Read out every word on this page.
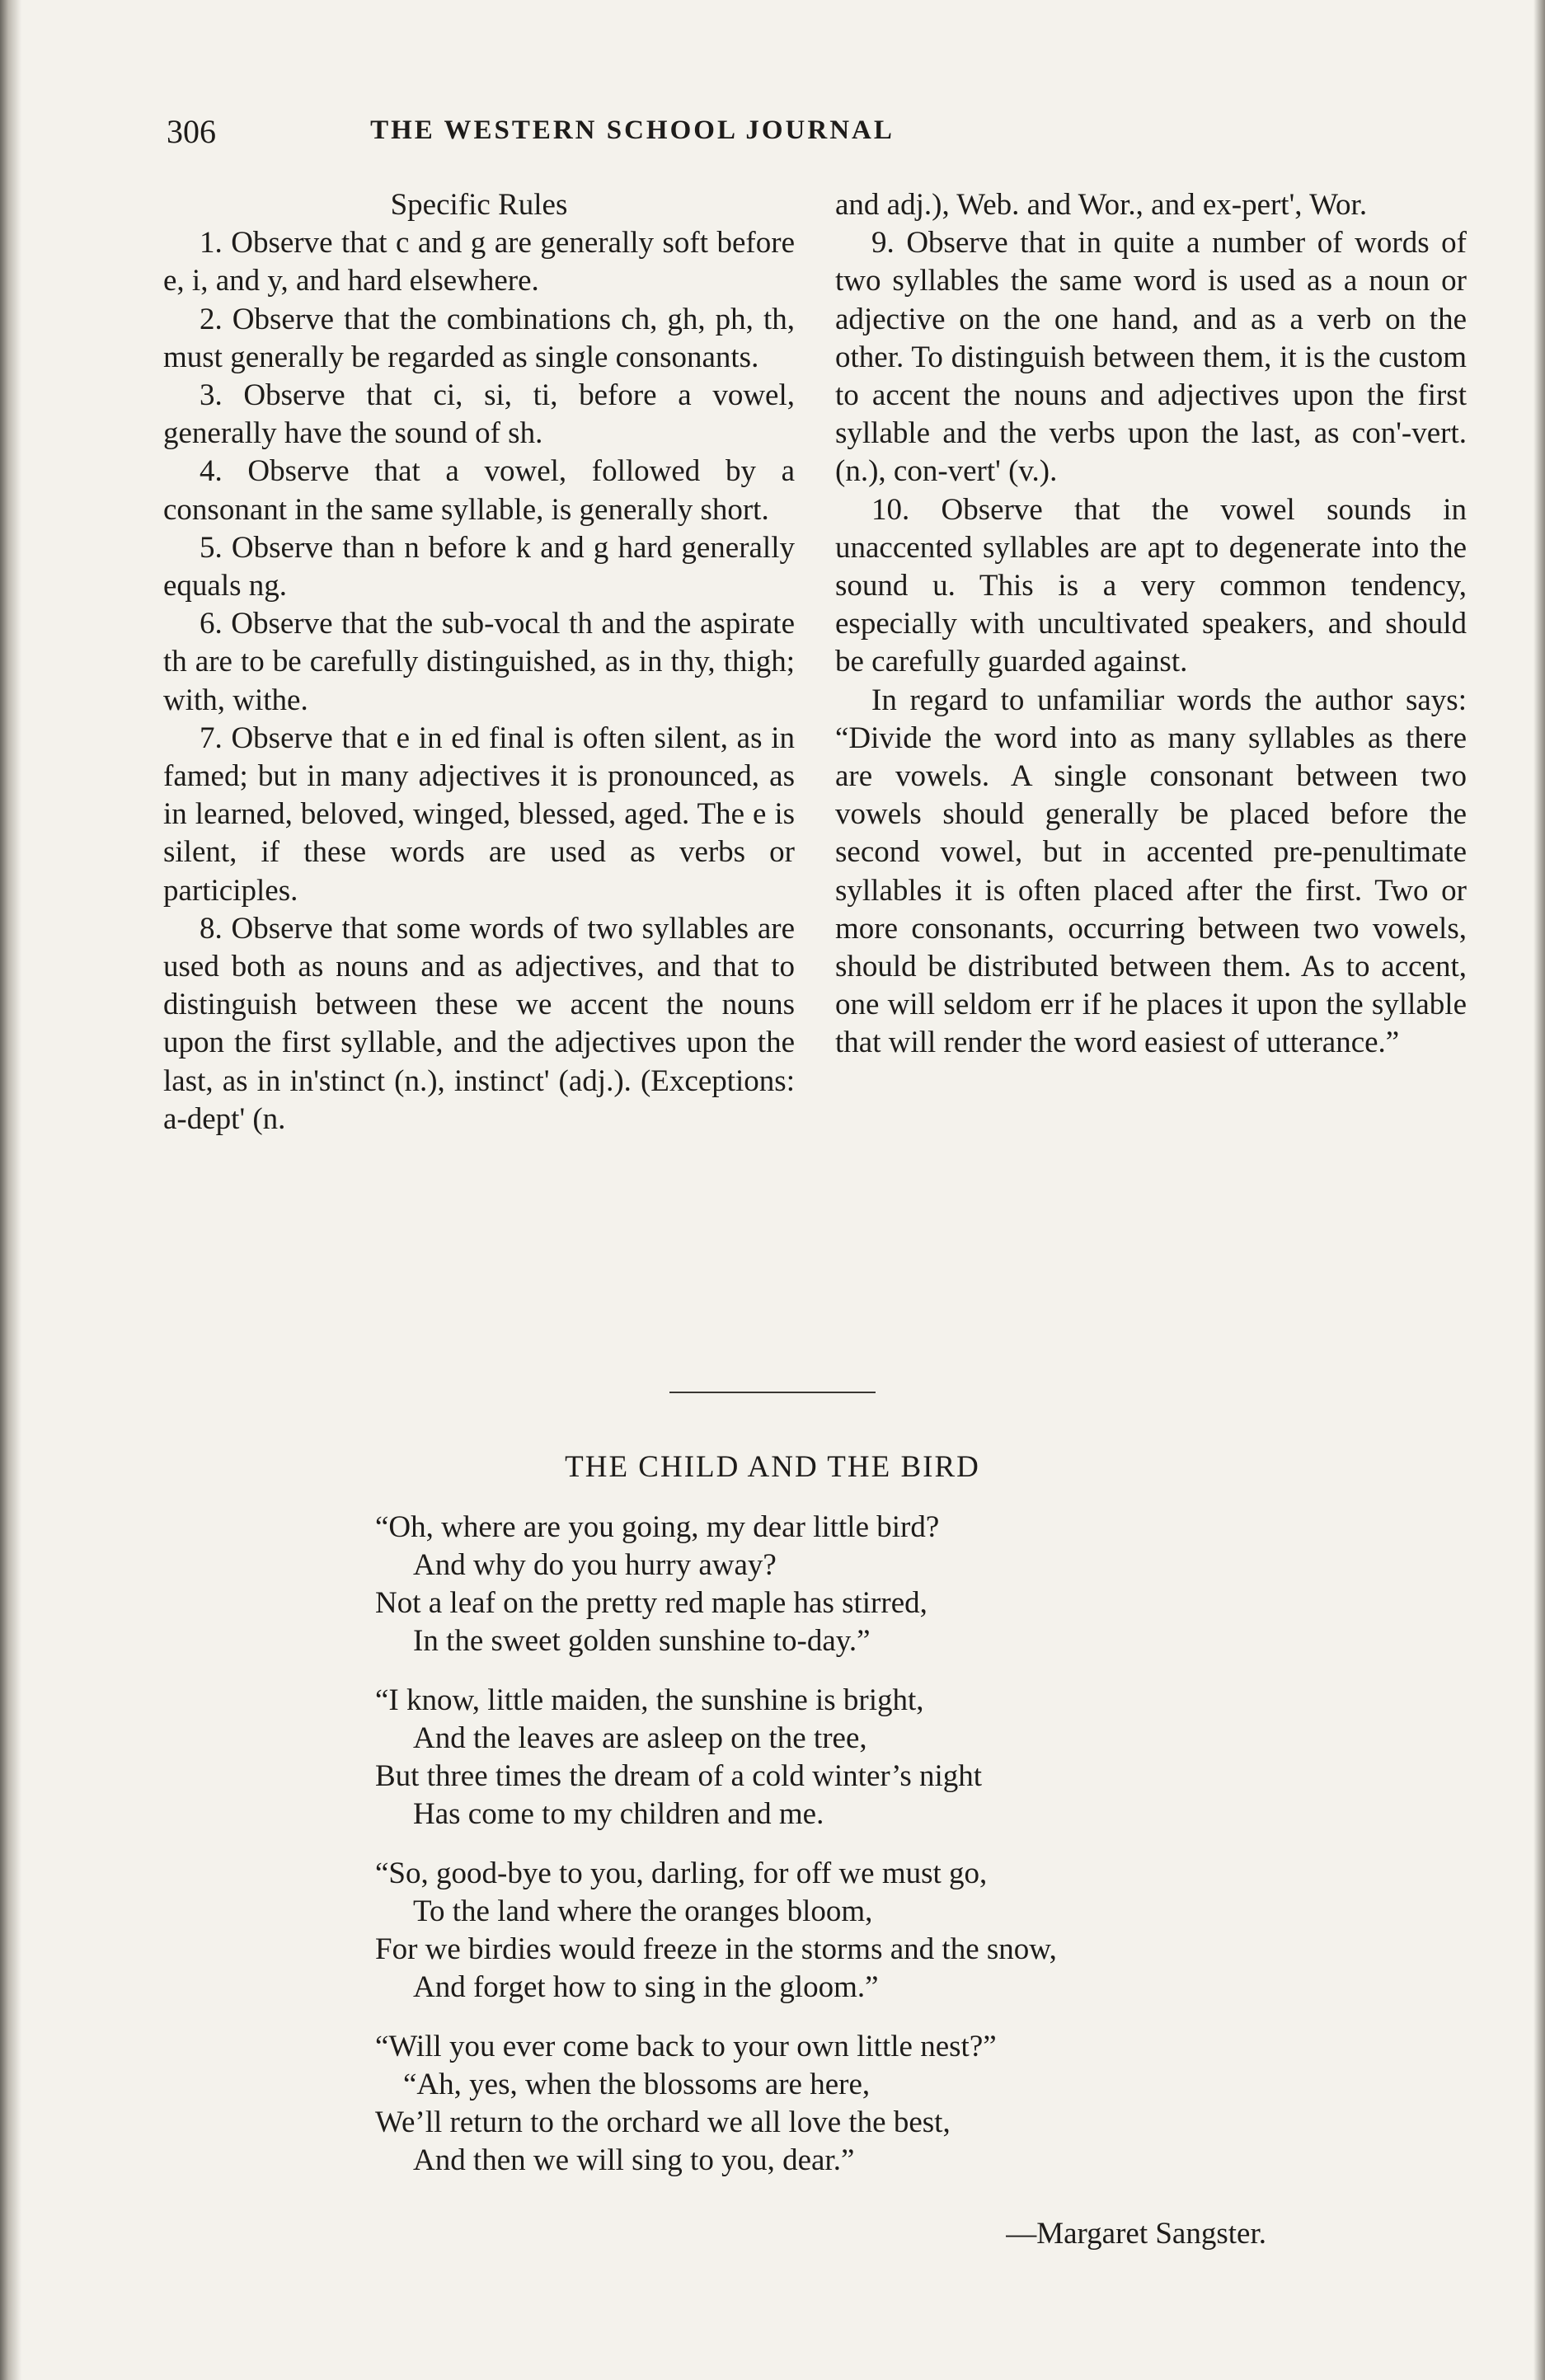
306	THE WESTERN SCHOOL JOURNAL

Specific Rules

1. Observe that c and g are generally soft before e, i, and y, and hard elsewhere.

2. Observe that the combinations ch, gh, ph, th, must generally be regarded as single consonants.

3. Observe that ci, si, ti, before a vowel, generally have the sound of sh.

4. Observe that a vowel, followed by a consonant in the same syllable, is generally short.

5. Observe than n before k and g hard generally equals ng.

6. Observe that the sub-vocal th and the aspirate th are to be carefully distinguished, as in thy, thigh; with, withe.

7. Observe that e in ed final is often silent, as in famed; but in many adjectives it is pronounced, as in learned, beloved, winged, blessed, aged. The e is silent, if these words are used as verbs or participles.

8. Observe that some words of two syllables are used both as nouns and as adjectives, and that to distinguish between these we accent the nouns upon the first syllable, and the adjectives upon the last, as in in'stinct (n.), instinct' (adj.). (Exceptions: a-dept' (n.

and adj.), Web. and Wor., and ex-pert', Wor.

9. Observe that in quite a number of words of two syllables the same word is used as a noun or adjective on the one hand, and as a verb on the other. To distinguish between them, it is the custom to accent the nouns and adjectives upon the first syllable and the verbs upon the last, as con'-vert. (n.), con-vert' (v.).

10. Observe that the vowel sounds in unaccented syllables are apt to degenerate into the sound u. This is a very common tendency, especially with uncultivated speakers, and should be carefully guarded against.

In regard to unfamiliar words the author says: “Divide the word into as many syllables as there are vowels. A single consonant between two vowels should generally be placed before the second vowel, but in accented pre-penultimate syllables it is often placed after the first. Two or more consonants, occurring between two vowels, should be distributed between them. As to accent, one will seldom err if he places it upon the syllable that will render the word easiest of utterance.”

THE CHILD AND THE BIRD
“Oh, where are you going, my dear little bird?
And why do you hurry away?
Not a leaf on the pretty red maple has stirred,
In the sweet golden sunshine to-day.”
“I know, little maiden, the sunshine is bright,
And the leaves are asleep on the tree,
But three times the dream of a cold winter’s night
Has come to my children and me.
“So, good-bye to you, darling, for off we must go,
To the land where the oranges bloom,
For we birdies would freeze in the storms and the snow,
And forget how to sing in the gloom.”
“Will you ever come back to your own little nest?”
“Ah, yes, when the blossoms are here,
We’ll return to the orchard we all love the best,
And then we will sing to you, dear.”
—Margaret Sangster.
